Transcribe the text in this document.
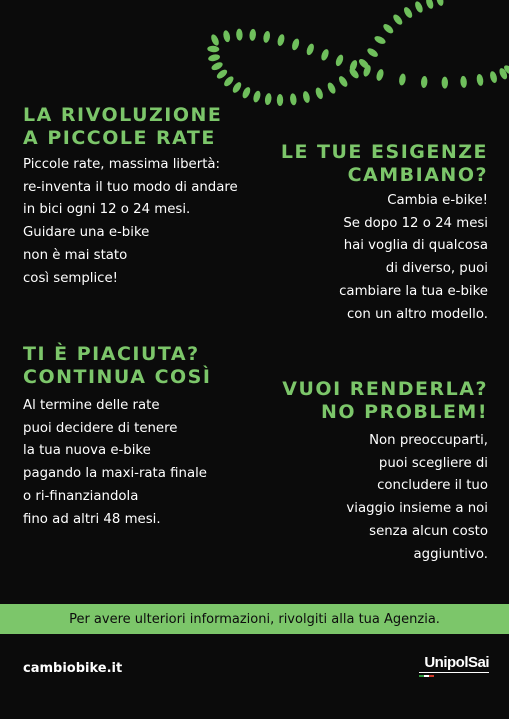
LA RIVOLUZIONE
A PICCOLE RATE

Piccole rate, massima libertà:
re-inventa il tuo modo di andare
in bici ogni 12 o 24 mesi.
Guidare una e-bike
non è mai stato
così semplice!

LE TUE ESIGENZE
CAMBIANO?

Cambia e-bike!
Se dopo 12 o 24 mesi
hai voglia di qualcosa
di diverso, puoi
cambiare la tua e-bike
con un altro modello.

TI È PIACIUTA?
CONTINUA COSÌ

Al termine delle rate
puoi decidere di tenere
la tua nuova e-bike
pagando la maxi-rata finale
o ri-finanziandola
fino ad altri 48 mesi.

VUOI RENDERLA?
NO PROBLEM!

Non preoccuparti,
puoi scegliere di
concludere il tuo
viaggio insieme a noi
senza alcun costo
aggiuntivo.

Per avere ulteriori informazioni, rivolgiti alla tua Agenzia.
cambiobike.it	UnipolSai
